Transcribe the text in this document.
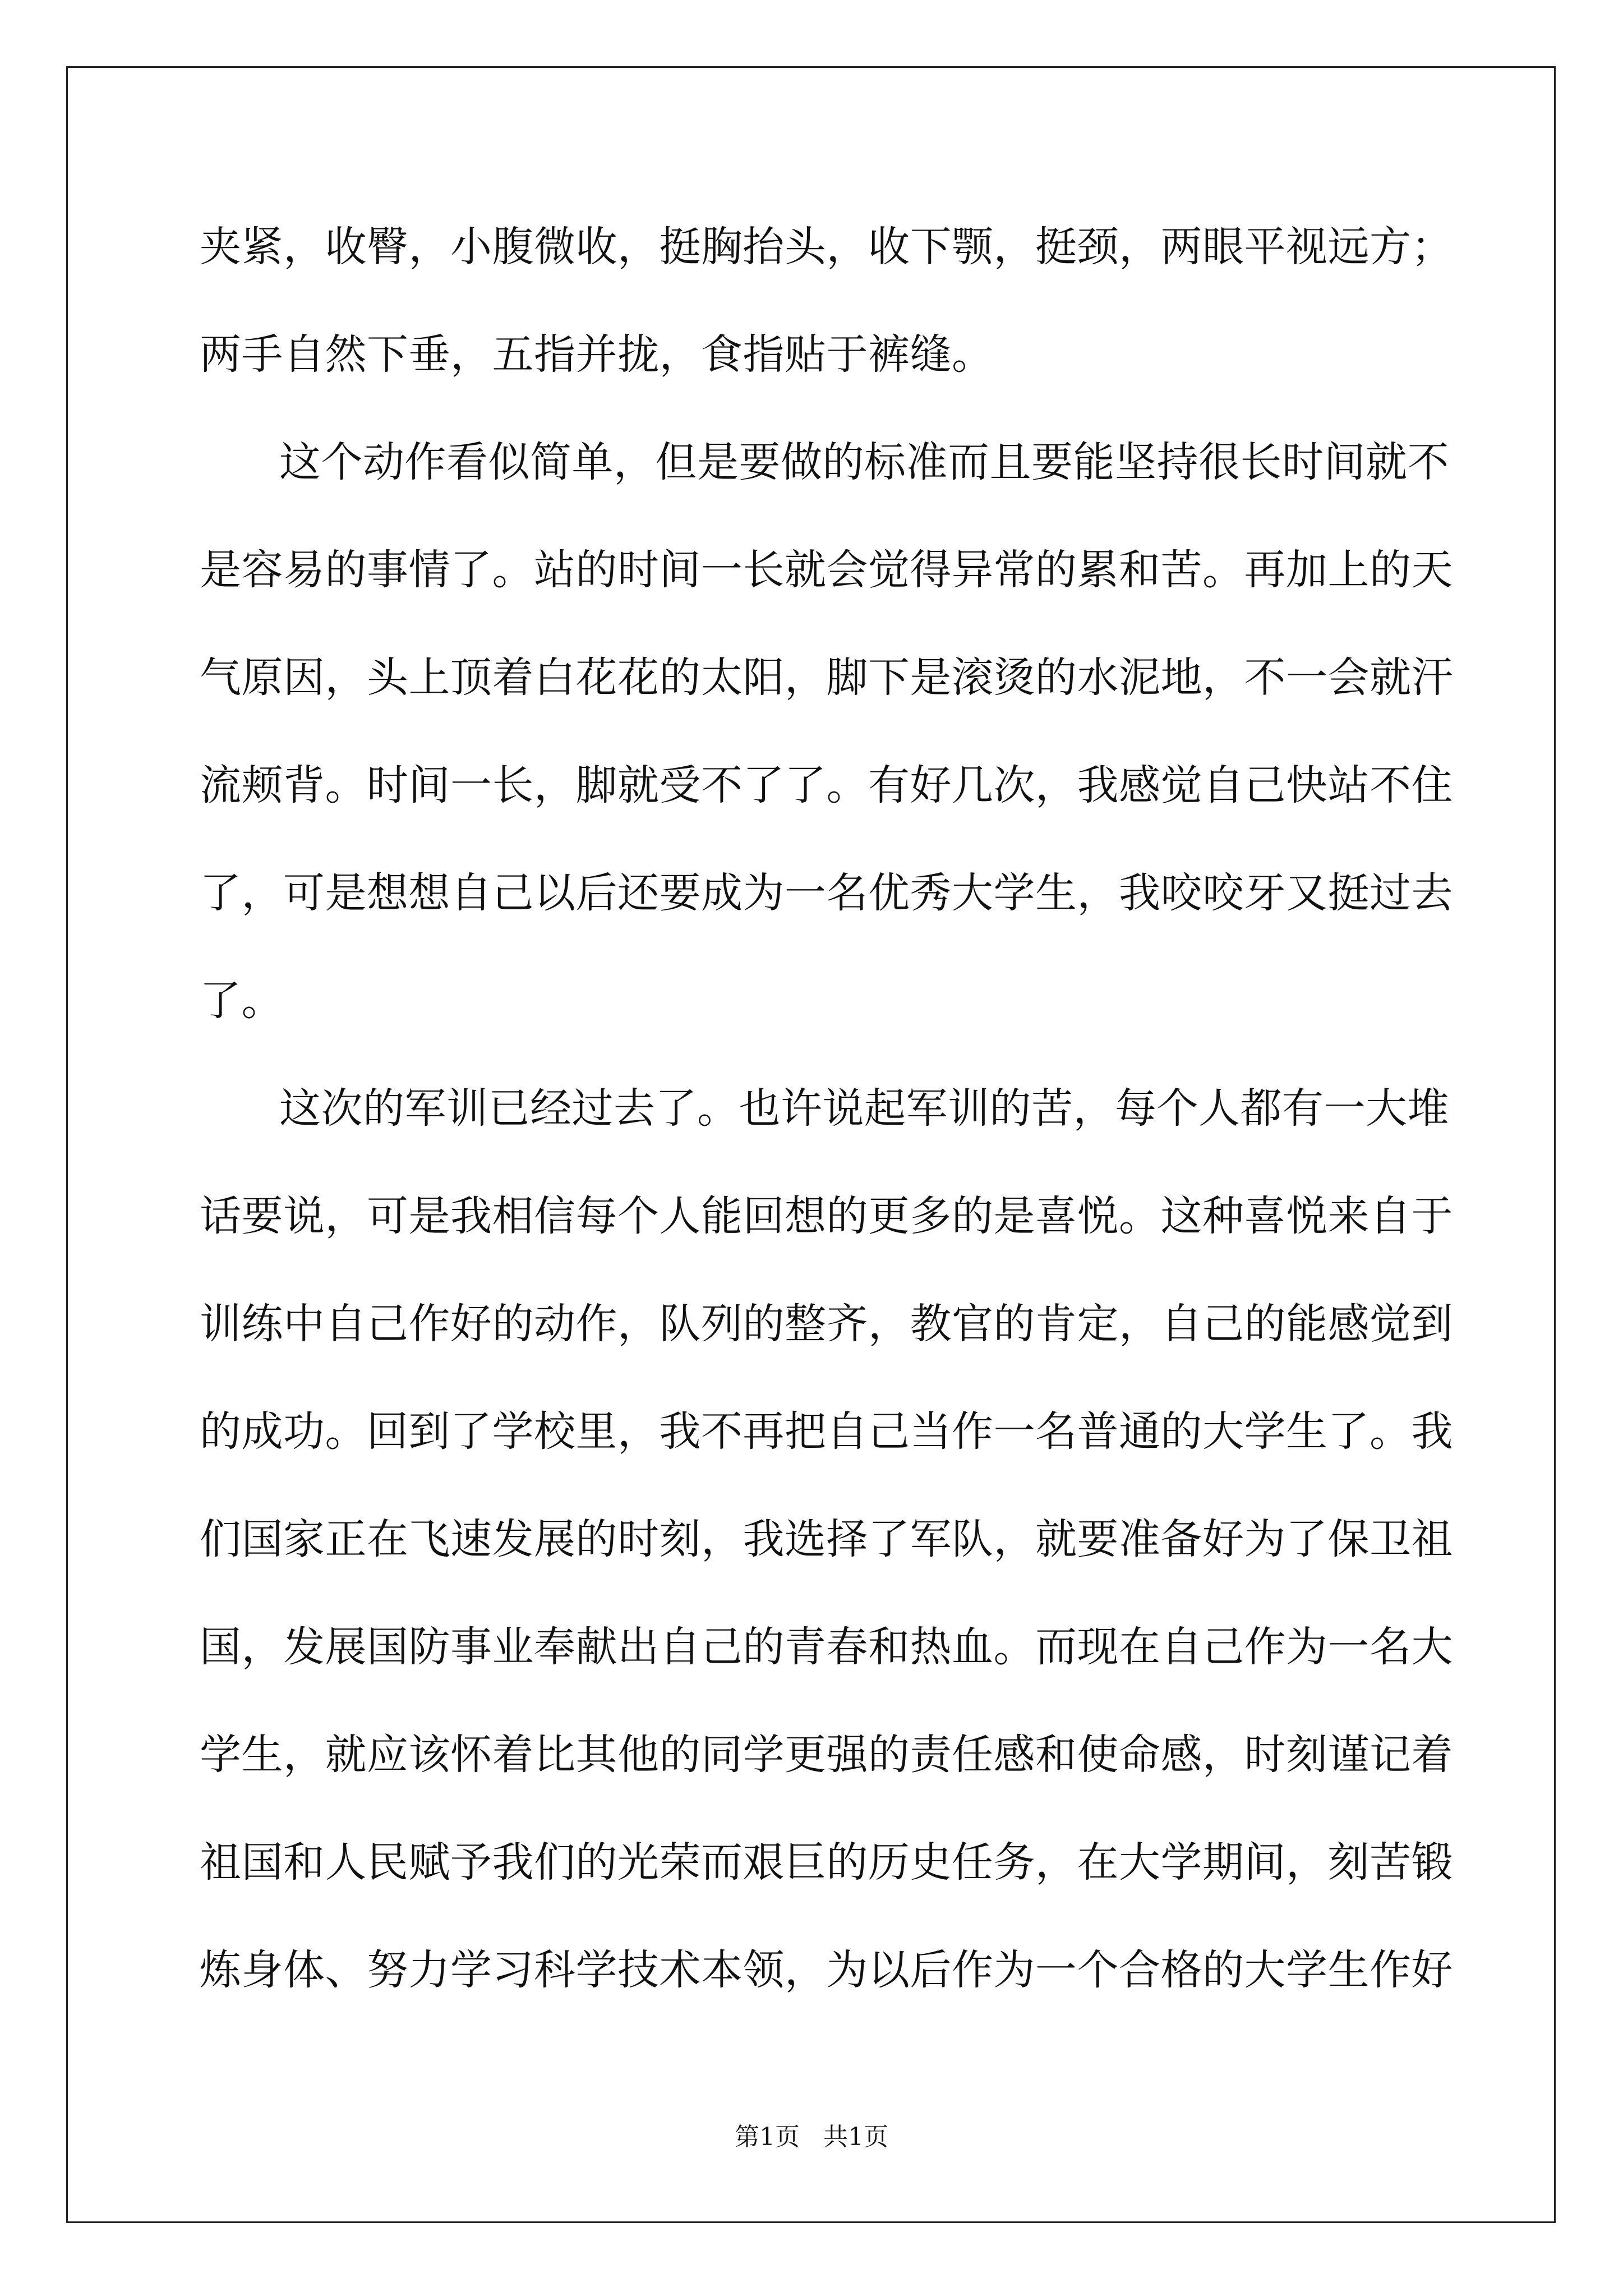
夹紧，收臀，小腹微收，挺胸抬头，收下颚，挺颈，两眼平视远方；
两手自然下垂，五指并拢，食指贴于裤缝。
这个动作看似简单，但是要做的标准而且要能坚持很长时间就不
是容易的事情了。站的时间一长就会觉得异常的累和苦。再加上的天
气原因，头上顶着白花花的太阳，脚下是滚烫的水泥地，不一会就汗
流颊背。时间一长，脚就受不了了。有好几次，我感觉自己快站不住
了，可是想想自己以后还要成为一名优秀大学生，我咬咬牙又挺过去
了。
这次的军训已经过去了。也许说起军训的苦，每个人都有一大堆
话要说，可是我相信每个人能回想的更多的是喜悦。这种喜悦来自于
训练中自己作好的动作，队列的整齐，教官的肯定，自己的能感觉到
的成功。回到了学校里，我不再把自己当作一名普通的大学生了。我
们国家正在飞速发展的时刻，我选择了军队，就要准备好为了保卫祖
国，发展国防事业奉献出自己的青春和热血。而现在自己作为一名大
学生，就应该怀着比其他的同学更强的责任感和使命感，时刻谨记着
祖国和人民赋予我们的光荣而艰巨的历史任务，在大学期间，刻苦锻
炼身体、努力学习科学技术本领，为以后作为一个合格的大学生作好
第1页   共1页
